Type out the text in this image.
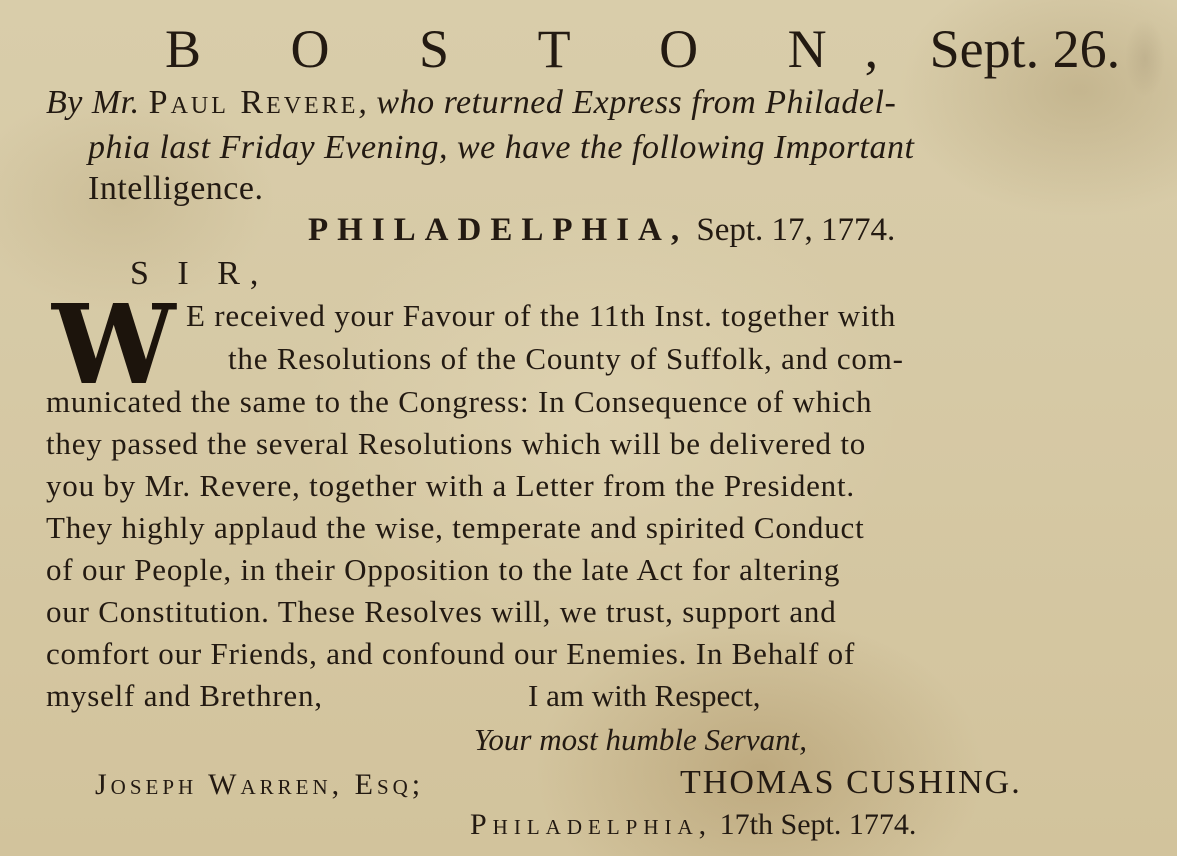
B O S T O N, Sept. 26.
By Mr. Paul Revere, who returned Express from Philadel-
phia last Friday Evening, we have the following Important
Intelligence.
PHILADELPHIA, Sept. 17, 1774.
S I R,
W E received your Favour of the 11th Inst. together with
the Resolutions of the County of Suffolk, and com-
municated the same to the Congress: In Consequence of which
they passed the several Resolutions which will be delivered to
you by Mr. Revere, together with a Letter from the President.
They highly applaud the wise, temperate and spirited Conduct
of our People, in their Opposition to the late Act for altering
our Constitution. These Resolves will, we trust, support and
comfort our Friends, and confound our Enemies. In Behalf of
myself and Brethren,	I am with Respect,
Your most humble Servant,
Joseph Warren, Esq;	THOMAS CUSHING.
Philadelphia, 17th Sept. 1774.
